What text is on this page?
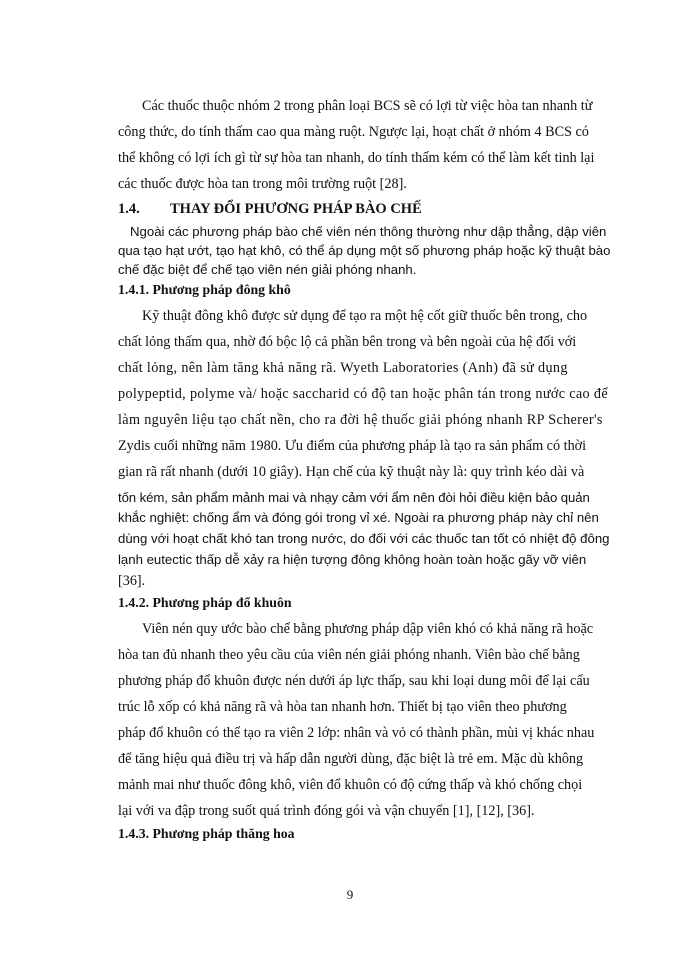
Các thuốc thuộc nhóm 2 trong phân loại BCS sẽ có lợi từ việc hòa tan nhanh từ
công thức, do tính thấm cao qua màng ruột. Ngược lại, hoạt chất ở nhóm 4 BCS có
thể không có lợi ích gì từ sự hòa tan nhanh, do tính thấm kém có thể làm kết tinh lại
các thuốc được hòa tan trong môi trường ruột [28].
1.4. THAY ĐỔI PHƯƠNG PHÁP BÀO CHẾ
Ngoài các phương pháp bào chế viên nén thông thường như dập thẳng, dập viên
qua tạo hạt ướt, tạo hạt khô, có thể áp dụng một số phương pháp hoặc kỹ thuật bào
chế đặc biệt để chế tạo viên nén giải phóng nhanh.
1.4.1. Phương pháp đông khô
Kỹ thuật đông khô được sử dụng để tạo ra một hệ cốt giữ thuốc bên trong, cho
chất lỏng thấm qua, nhờ đó bộc lộ cả phần bên trong và bên ngoài của hệ đối với
chất lỏng, nên làm tăng khả năng rã. Wyeth Laboratories (Anh) đã sử dụng
polypeptid, polyme và/ hoặc saccharid có độ tan hoặc phân tán trong nước cao để
làm nguyên liệu tạo chất nền, cho ra đời hệ thuốc giải phóng nhanh RP Scherer's
Zydis cuối những năm 1980. Ưu điểm của phương pháp là tạo ra sản phẩm có thời
gian rã rất nhanh (dưới 10 giây). Hạn chế của kỹ thuật này là: quy trình kéo dài và
tốn kém, sản phẩm mảnh mai và nhạy cảm với ẩm nên đòi hỏi điều kiện bảo quản
khắc nghiệt: chống ẩm và đóng gói trong vỉ xé. Ngoài ra phương pháp này chỉ nên
dùng với hoạt chất khó tan trong nước, do đối với các thuốc tan tốt có nhiệt độ đông
lạnh eutectic thấp dễ xảy ra hiện tượng đông không hoàn toàn hoặc gãy vỡ viên
[36].
1.4.2. Phương pháp đổ khuôn
Viên nén quy ước bào chế bằng phương pháp dập viên khó có khả năng rã hoặc
hòa tan đủ nhanh theo yêu cầu của viên nén giải phóng nhanh. Viên bào chế bằng
phương pháp đổ khuôn được nén dưới áp lực thấp, sau khi loại dung môi để lại cấu
trúc lỗ xốp có khả năng rã và hòa tan nhanh hơn. Thiết bị tạo viên theo phương
pháp đổ khuôn có thể tạo ra viên 2 lớp: nhân và vỏ có thành phần, mùi vị khác nhau
để tăng hiệu quả điều trị và hấp dẫn người dùng, đặc biệt là trẻ em. Mặc dù không
mảnh mai như thuốc đông khô, viên đổ khuôn có độ cứng thấp và khó chống chọi
lại với va đập trong suốt quá trình đóng gói và vận chuyển [1], [12], [36].
1.4.3. Phương pháp thăng hoa
9
